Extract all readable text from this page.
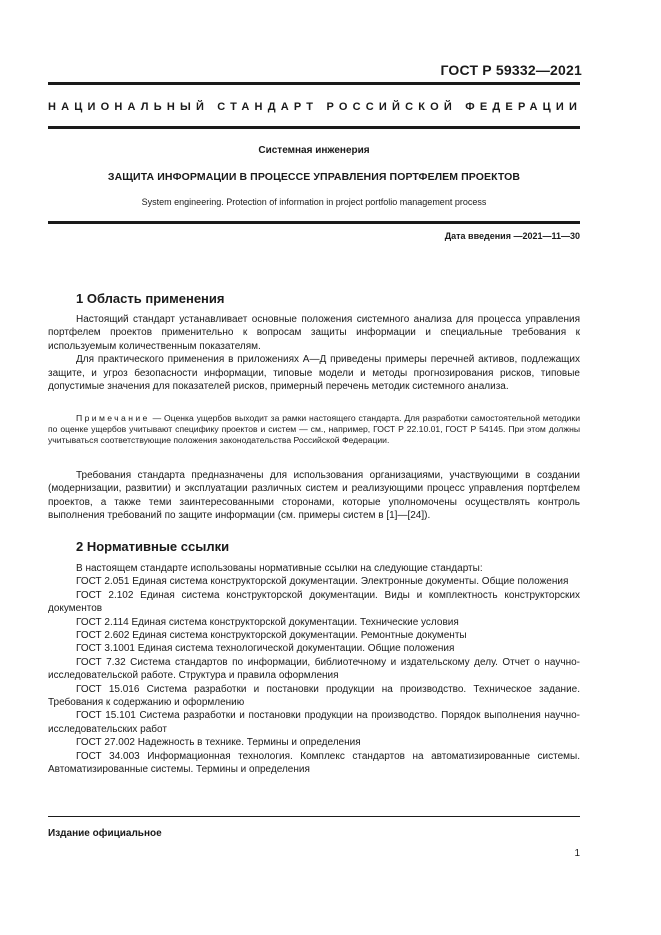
ГОСТ Р 59332—2021
НАЦИОНАЛЬНЫЙ СТАНДАРТ РОССИЙСКОЙ ФЕДЕРАЦИИ
Системная инженерия
ЗАЩИТА ИНФОРМАЦИИ В ПРОЦЕССЕ УПРАВЛЕНИЯ ПОРТФЕЛЕМ ПРОЕКТОВ
System engineering. Protection of information in project portfolio management process
Дата введения —2021—11—30
1 Область применения

Настоящий стандарт устанавливает основные положения системного анализа для процесса управления портфелем проектов применительно к вопросам защиты информации и специальные требования к используемым количественным показателям.

Для практического применения в приложениях А—Д приведены примеры перечней активов, подлежащих защите, и угроз безопасности информации, типовые модели и методы прогнозирования рисков, типовые допустимые значения для показателей рисков, примерный перечень методик системного анализа.

Примечание — Оценка ущербов выходит за рамки настоящего стандарта. Для разработки самостоятельной методики по оценке ущербов учитывают специфику проектов и систем — см., например, ГОСТ Р 22.10.01, ГОСТ Р 54145. При этом должны учитываться соответствующие положения законодательства Российской Федерации.

Требования стандарта предназначены для использования организациями, участвующими в создании (модернизации, развитии) и эксплуатации различных систем и реализующими процесс управления портфелем проектов, а также теми заинтересованными сторонами, которые уполномочены осуществлять контроль выполнения требований по защите информации (см. примеры систем в [1]—[24]).

2 Нормативные ссылки

В настоящем стандарте использованы нормативные ссылки на следующие стандарты:

ГОСТ 2.051 Единая система конструкторской документации. Электронные документы. Общие положения

ГОСТ 2.102 Единая система конструкторской документации. Виды и комплектность конструкторских документов

ГОСТ 2.114 Единая система конструкторской документации. Технические условия

ГОСТ 2.602 Единая система конструкторской документации. Ремонтные документы

ГОСТ 3.1001 Единая система технологической документации. Общие положения

ГОСТ 7.32 Система стандартов по информации, библиотечному и издательскому делу. Отчет о научно-исследовательской работе. Структура и правила оформления

ГОСТ 15.016 Система разработки и постановки продукции на производство. Техническое задание. Требования к содержанию и оформлению

ГОСТ 15.101 Система разработки и постановки продукции на производство. Порядок выполнения научно-исследовательских работ

ГОСТ 27.002 Надежность в технике. Термины и определения

ГОСТ 34.003 Информационная технология. Комплекс стандартов на автоматизированные системы. Автоматизированные системы. Термины и определения

Издание официальное
1
